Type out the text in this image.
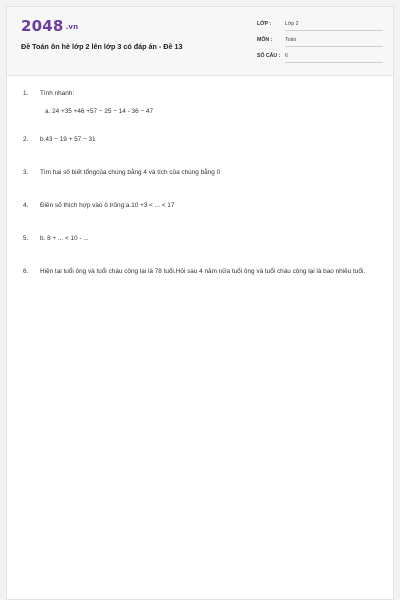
2048 .vn
Đề Toán ôn hè lớp 2 lên lớp 3 có đáp án - Đề 13
LỚP :	Lớp 2
MÔN : Toán
SỐ CÂU : 6
1. Tính nhanh:
a. 24 +35 +46 +57 − 25 − 14 - 36 − 47
2. b.43 − 19 + 57 − 31
3. Tìm hai số biết tổngcủa chúng bằng 4 và tích của chúng bằng 0
4. Điền số thích hợp vào ô trống:a.10 +3 < ... < 17
5. b. 8 + ... < 10 - ...
6. Hiện tại tuổi ông và tuổi cháu cộng lại là 78 tuổi.Hỏi sau 4 năm nữa tuổi ông và tuổi cháu cộng lại là bao nhiêu tuổi.
